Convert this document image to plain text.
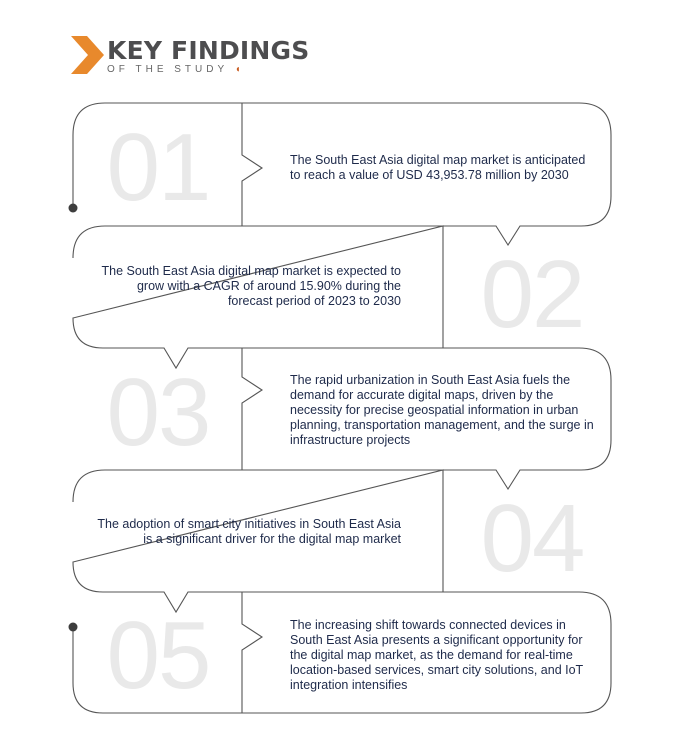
KEY FINDINGS
OF THE STUDY ◖
01
02
03
04
05
The South East Asia digital map market is anticipated to reach a value of USD 43,953.78 million by 2030
The South East Asia digital map market is expected to grow with a CAGR of around 15.90% during the forecast period of 2023 to 2030
The rapid urbanization in South East Asia fuels the demand for accurate digital maps, driven by the necessity for precise geospatial information in urban planning, transportation management, and the surge in infrastructure projects
The adoption of smart city initiatives in South East Asia is a significant driver for the digital map market
The increasing shift towards connected devices in South East Asia presents a significant opportunity for the digital map market, as the demand for real-time location-based services, smart city solutions, and IoT integration intensifies
